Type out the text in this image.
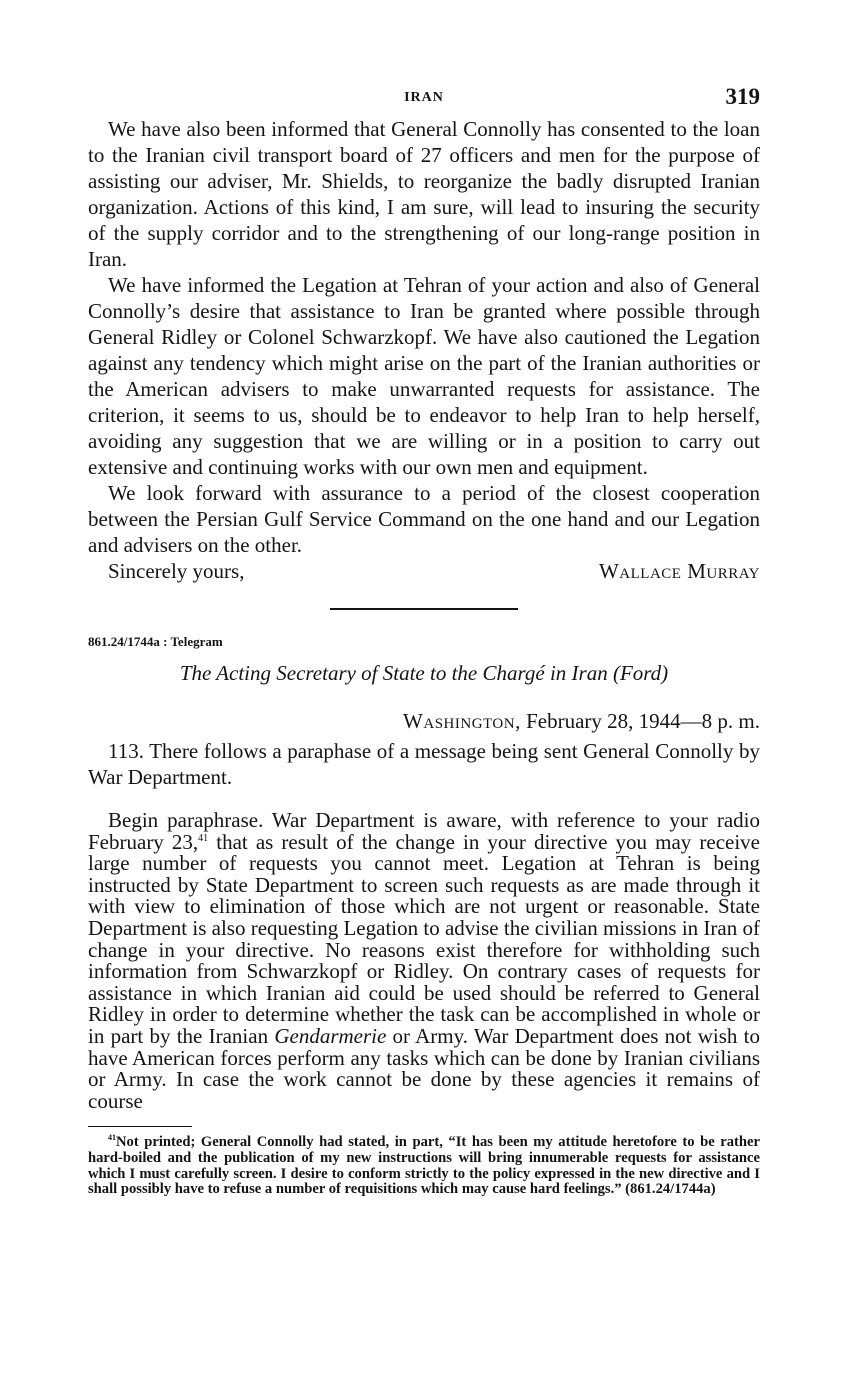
IRAN	319

We have also been informed that General Connolly has consented to the loan to the Iranian civil transport board of 27 officers and men for the purpose of assisting our adviser, Mr. Shields, to reorganize the badly disrupted Iranian organization. Actions of this kind, I am sure, will lead to insuring the security of the supply corridor and to the strengthening of our long-range position in Iran.

We have informed the Legation at Tehran of your action and also of General Connolly’s desire that assistance to Iran be granted where possible through General Ridley or Colonel Schwarzkopf. We have also cautioned the Legation against any tendency which might arise on the part of the Iranian authorities or the American advisers to make unwarranted requests for assistance. The criterion, it seems to us, should be to endeavor to help Iran to help herself, avoiding any suggestion that we are willing or in a position to carry out extensive and continuing works with our own men and equipment.

We look forward with assurance to a period of the closest cooperation between the Persian Gulf Service Command on the one hand and our Legation and advisers on the other.

Sincerely yours,	Wallace Murray
861.24/1744a : Telegram
The Acting Secretary of State to the Chargé in Iran (Ford)
Washington, February 28, 1944—8 p. m.

113. There follows a paraphase of a message being sent General Connolly by War Department.

Begin paraphrase. War Department is aware, with reference to your radio February 23,41 that as result of the change in your directive you may receive large number of requests you cannot meet. Legation at Tehran is being instructed by State Department to screen such requests as are made through it with view to elimination of those which are not urgent or reasonable. State Department is also requesting Legation to advise the civilian missions in Iran of change in your directive. No reasons exist therefore for withholding such information from Schwarzkopf or Ridley. On contrary cases of requests for assistance in which Iranian aid could be used should be referred to General Ridley in order to determine whether the task can be accomplished in whole or in part by the Iranian Gendarmerie or Army. War Department does not wish to have American forces perform any tasks which can be done by Iranian civilians or Army. In case the work cannot be done by these agencies it remains of course

$^{41}$Not printed; General Connolly had stated, in part, “It has been my attitude heretofore to be rather hard-boiled and the publication of my new instructions will bring innumerable requests for assistance which I must carefully screen. I desire to conform strictly to the policy expressed in the new directive and I shall possibly have to refuse a number of requisitions which may cause hard feelings.” (861.24/1744a)
